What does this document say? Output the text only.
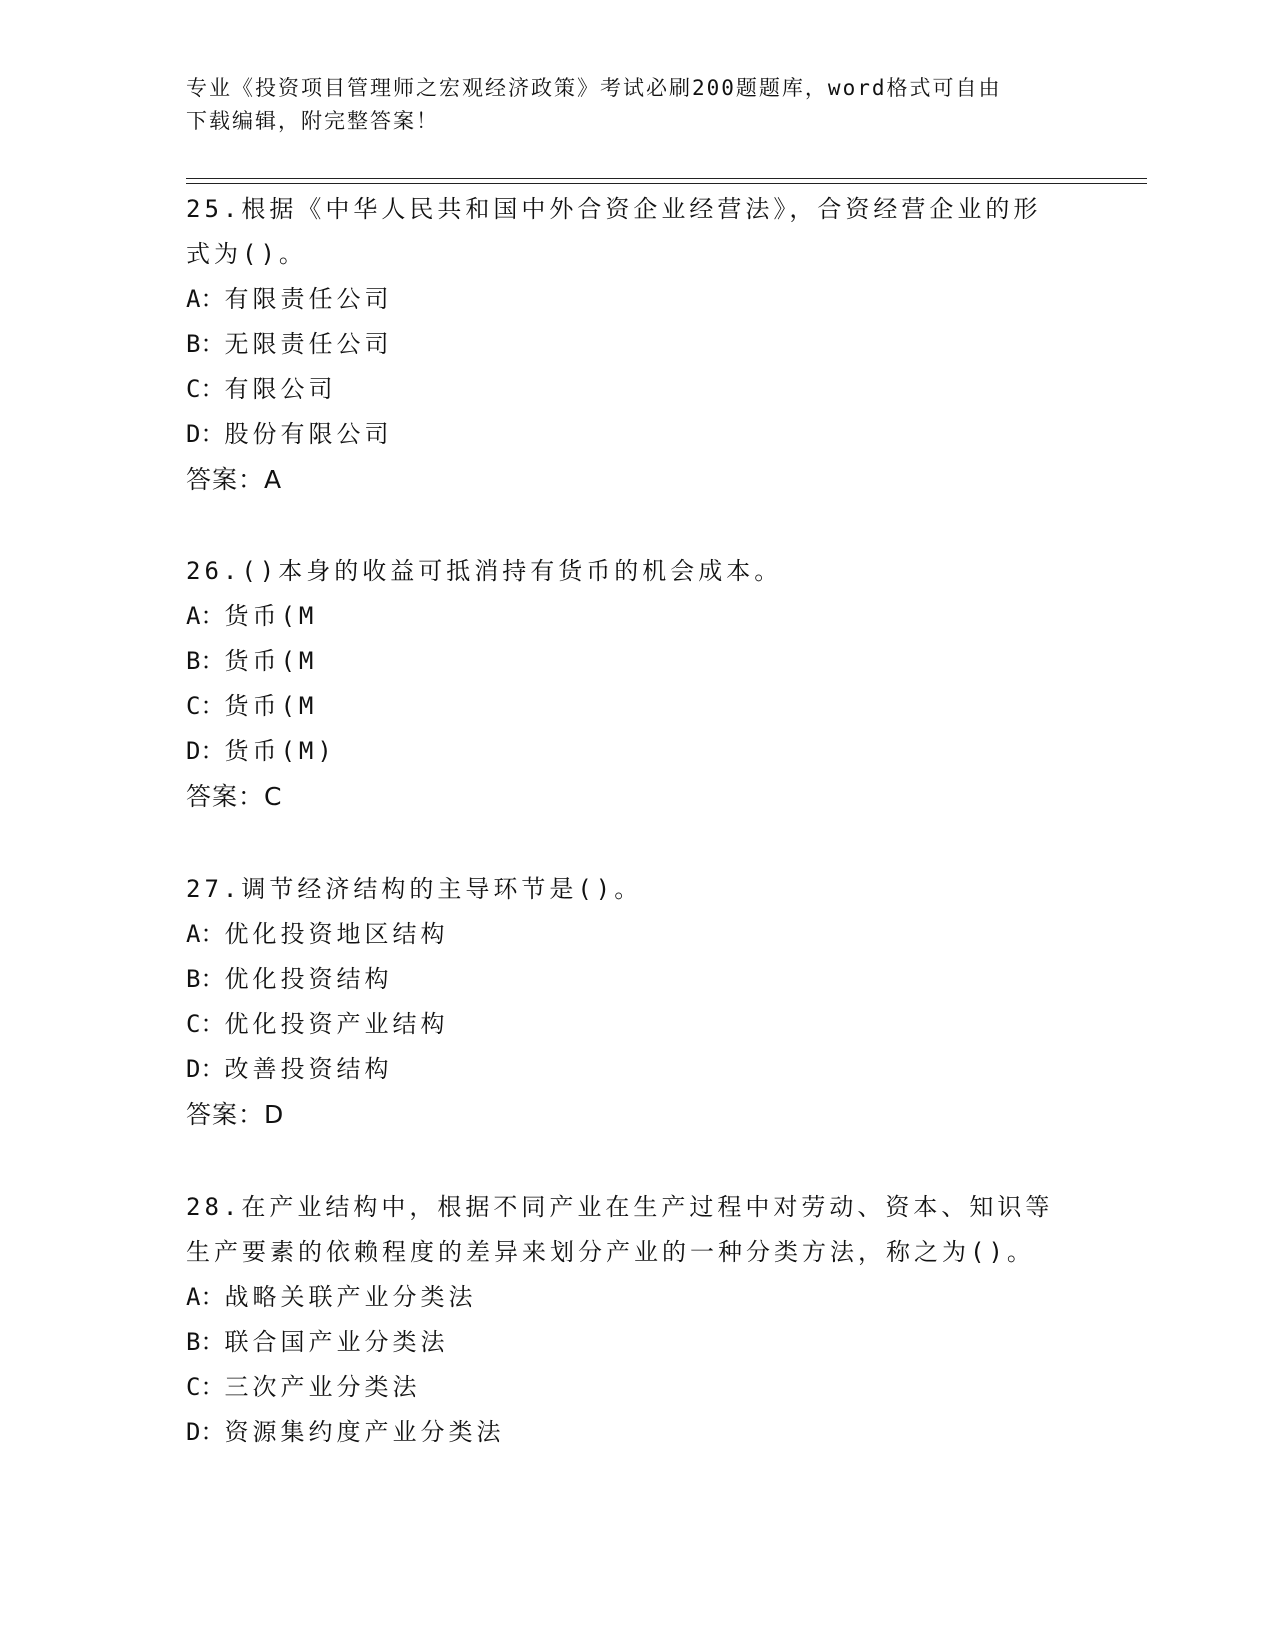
专业《投资项目管理师之宏观经济政策》考试必刷200题题库，word格式可自由
下载编辑，附完整答案！

25.根据《中华人民共和国中外合资企业经营法》，合资经营企业的形

式为()。

A：有限责任公司

B：无限责任公司

C：有限公司

D：股份有限公司

答案：A

26.()本身的收益可抵消持有货币的机会成本。

A：货币(M

B：货币(M

C：货币(M

D：货币(M)

答案：C

27.调节经济结构的主导环节是()。

A：优化投资地区结构

B：优化投资结构

C：优化投资产业结构

D：改善投资结构

答案：D

28.在产业结构中，根据不同产业在生产过程中对劳动、资本、知识等

生产要素的依赖程度的差异来划分产业的一种分类方法，称之为()。

A：战略关联产业分类法

B：联合国产业分类法

C：三次产业分类法

D：资源集约度产业分类法
